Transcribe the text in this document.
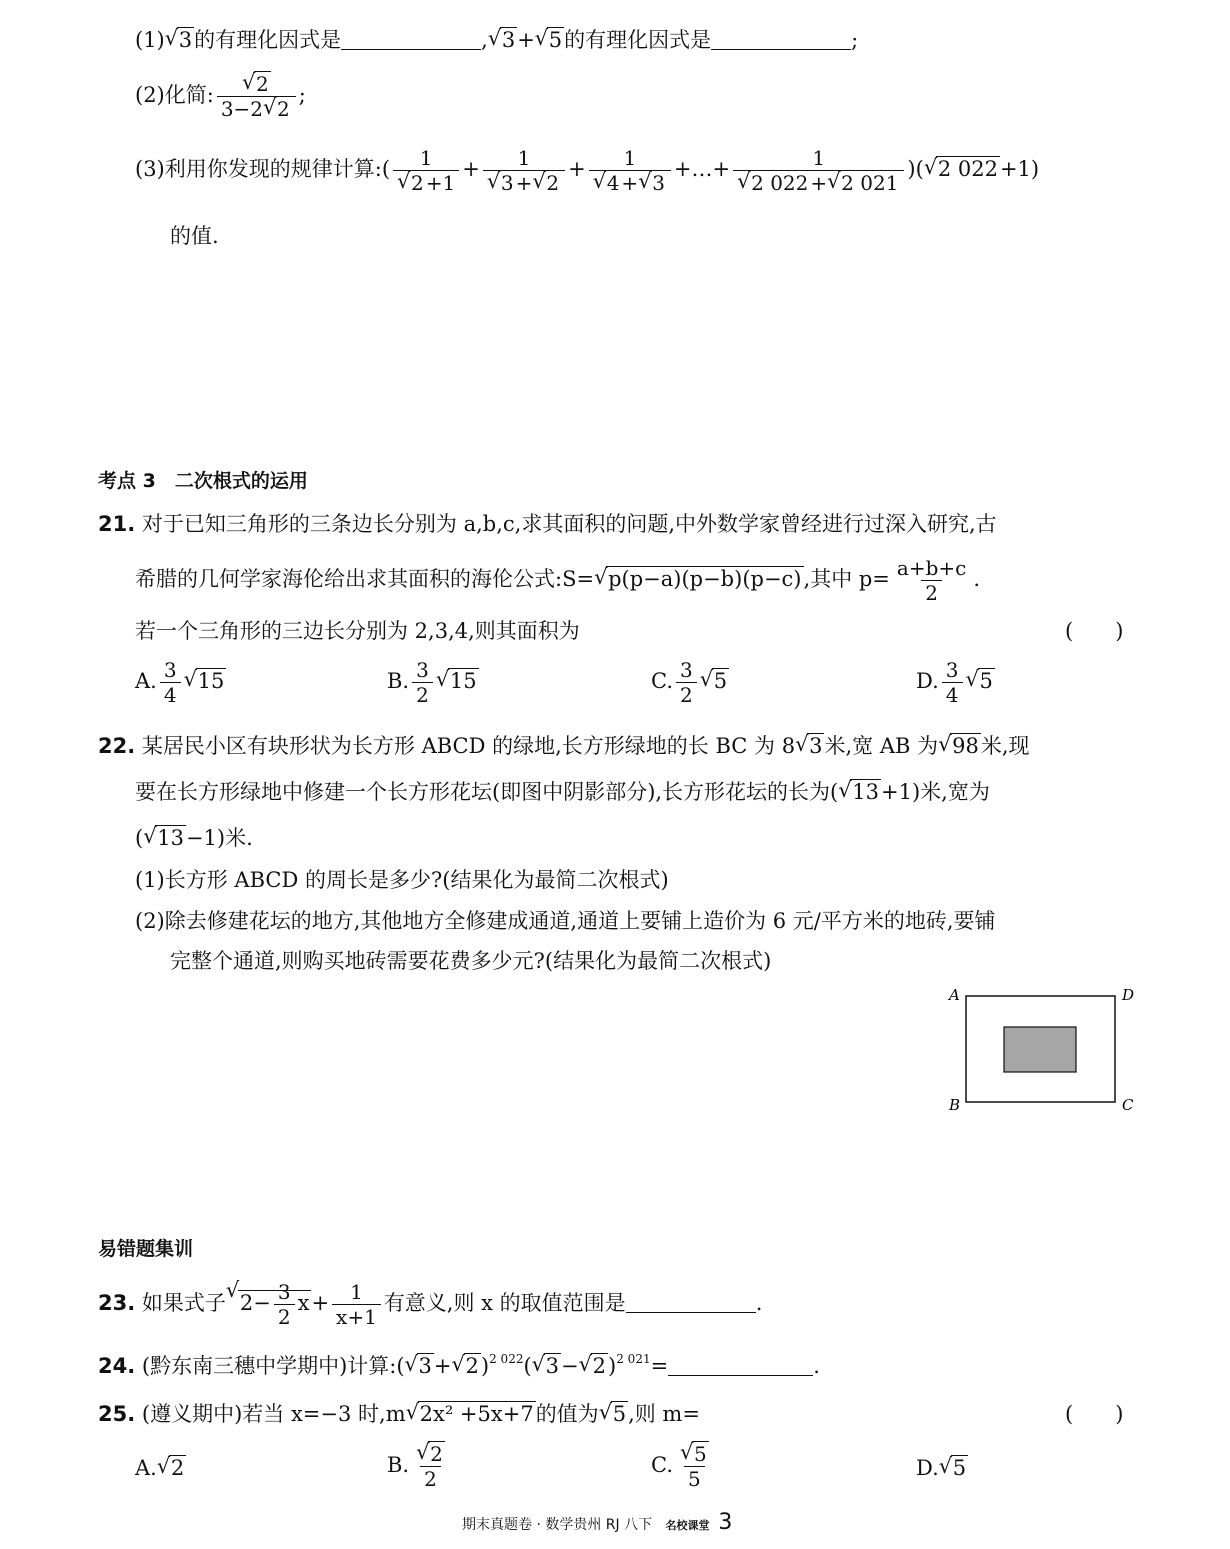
(1) √ 3的有理化因式是	, √ 3+ √ 5的有理化因式是	;
(2)化简: √ $\frac{2}{3-2 √ 2}$ ;
(3)利用你发现的规律计算:( 1
√ 2 +1 + 1
√ 3 + √ 2 + 1
√ 4 + √ 3 +…+ 1
√ 2 022 + √ 2 021 )( √ 2 022+1)
的值.
考点 3　二次根式的运用
21. 对于已知三角形的三条边长分别为 a,b,c,求其面积的问题,中外数学家曾经进行过深入研究,古
希腊的几何学家海伦给出求其面积的海伦公式:S= √ p(p−a)(p−b)(p−c),其中 $p= \frac{a+b+c}{2}$ .
若一个三角形的三边长分别为 2,3,4,则其面积为	(　　)
A. $\frac{3}{4}$ √ 15	B. $\frac{3}{2}$ √ 15	C. $\frac{3}{2}$ √ 5	D. $\frac{3}{4}$ √ 5
22. 某居民小区有块形状为长方形 ABCD 的绿地,长方形绿地的长 BC 为 8 √ 3米,宽 AB 为 √ 98米,现
要在长方形绿地中修建一个长方形花坛(即图中阴影部分),长方形花坛的长为( √ 13+1)米,宽为
( √ 13−1)米.
(1)长方形 ABCD 的周长是多少?(结果化为最简二次根式)
(2)除去修建花坛的地方,其他地方全修建成通道,通道上要铺上造价为 6 元/平方米的地砖,要铺
完整个通道,则购买地砖需要花费多少元?(结果化为最简二次根式)
A	D
B	C
易错题集训
23. 如果式子 √ $2- \frac{3}{2} x+ \frac{1}{x+1}$ 有意义,则 x 的取值范围是	.
24. (黔东南三穗中学期中)计算:( √ 3+ √ 2)$^{2 022}$( √ 3− √ 2)$^{2 021}$=	.
25. (遵义期中)若当 x=−3 时,m √ 2x² +5x+7的值为 √ 5,则 m=	(　　)
A. √ 2	B. √ $\frac{2}{2}$	C. √ $\frac{5}{5}$	D. √ 5
期末真题卷 · 数学贵州 RJ 八下 名校课堂 3
